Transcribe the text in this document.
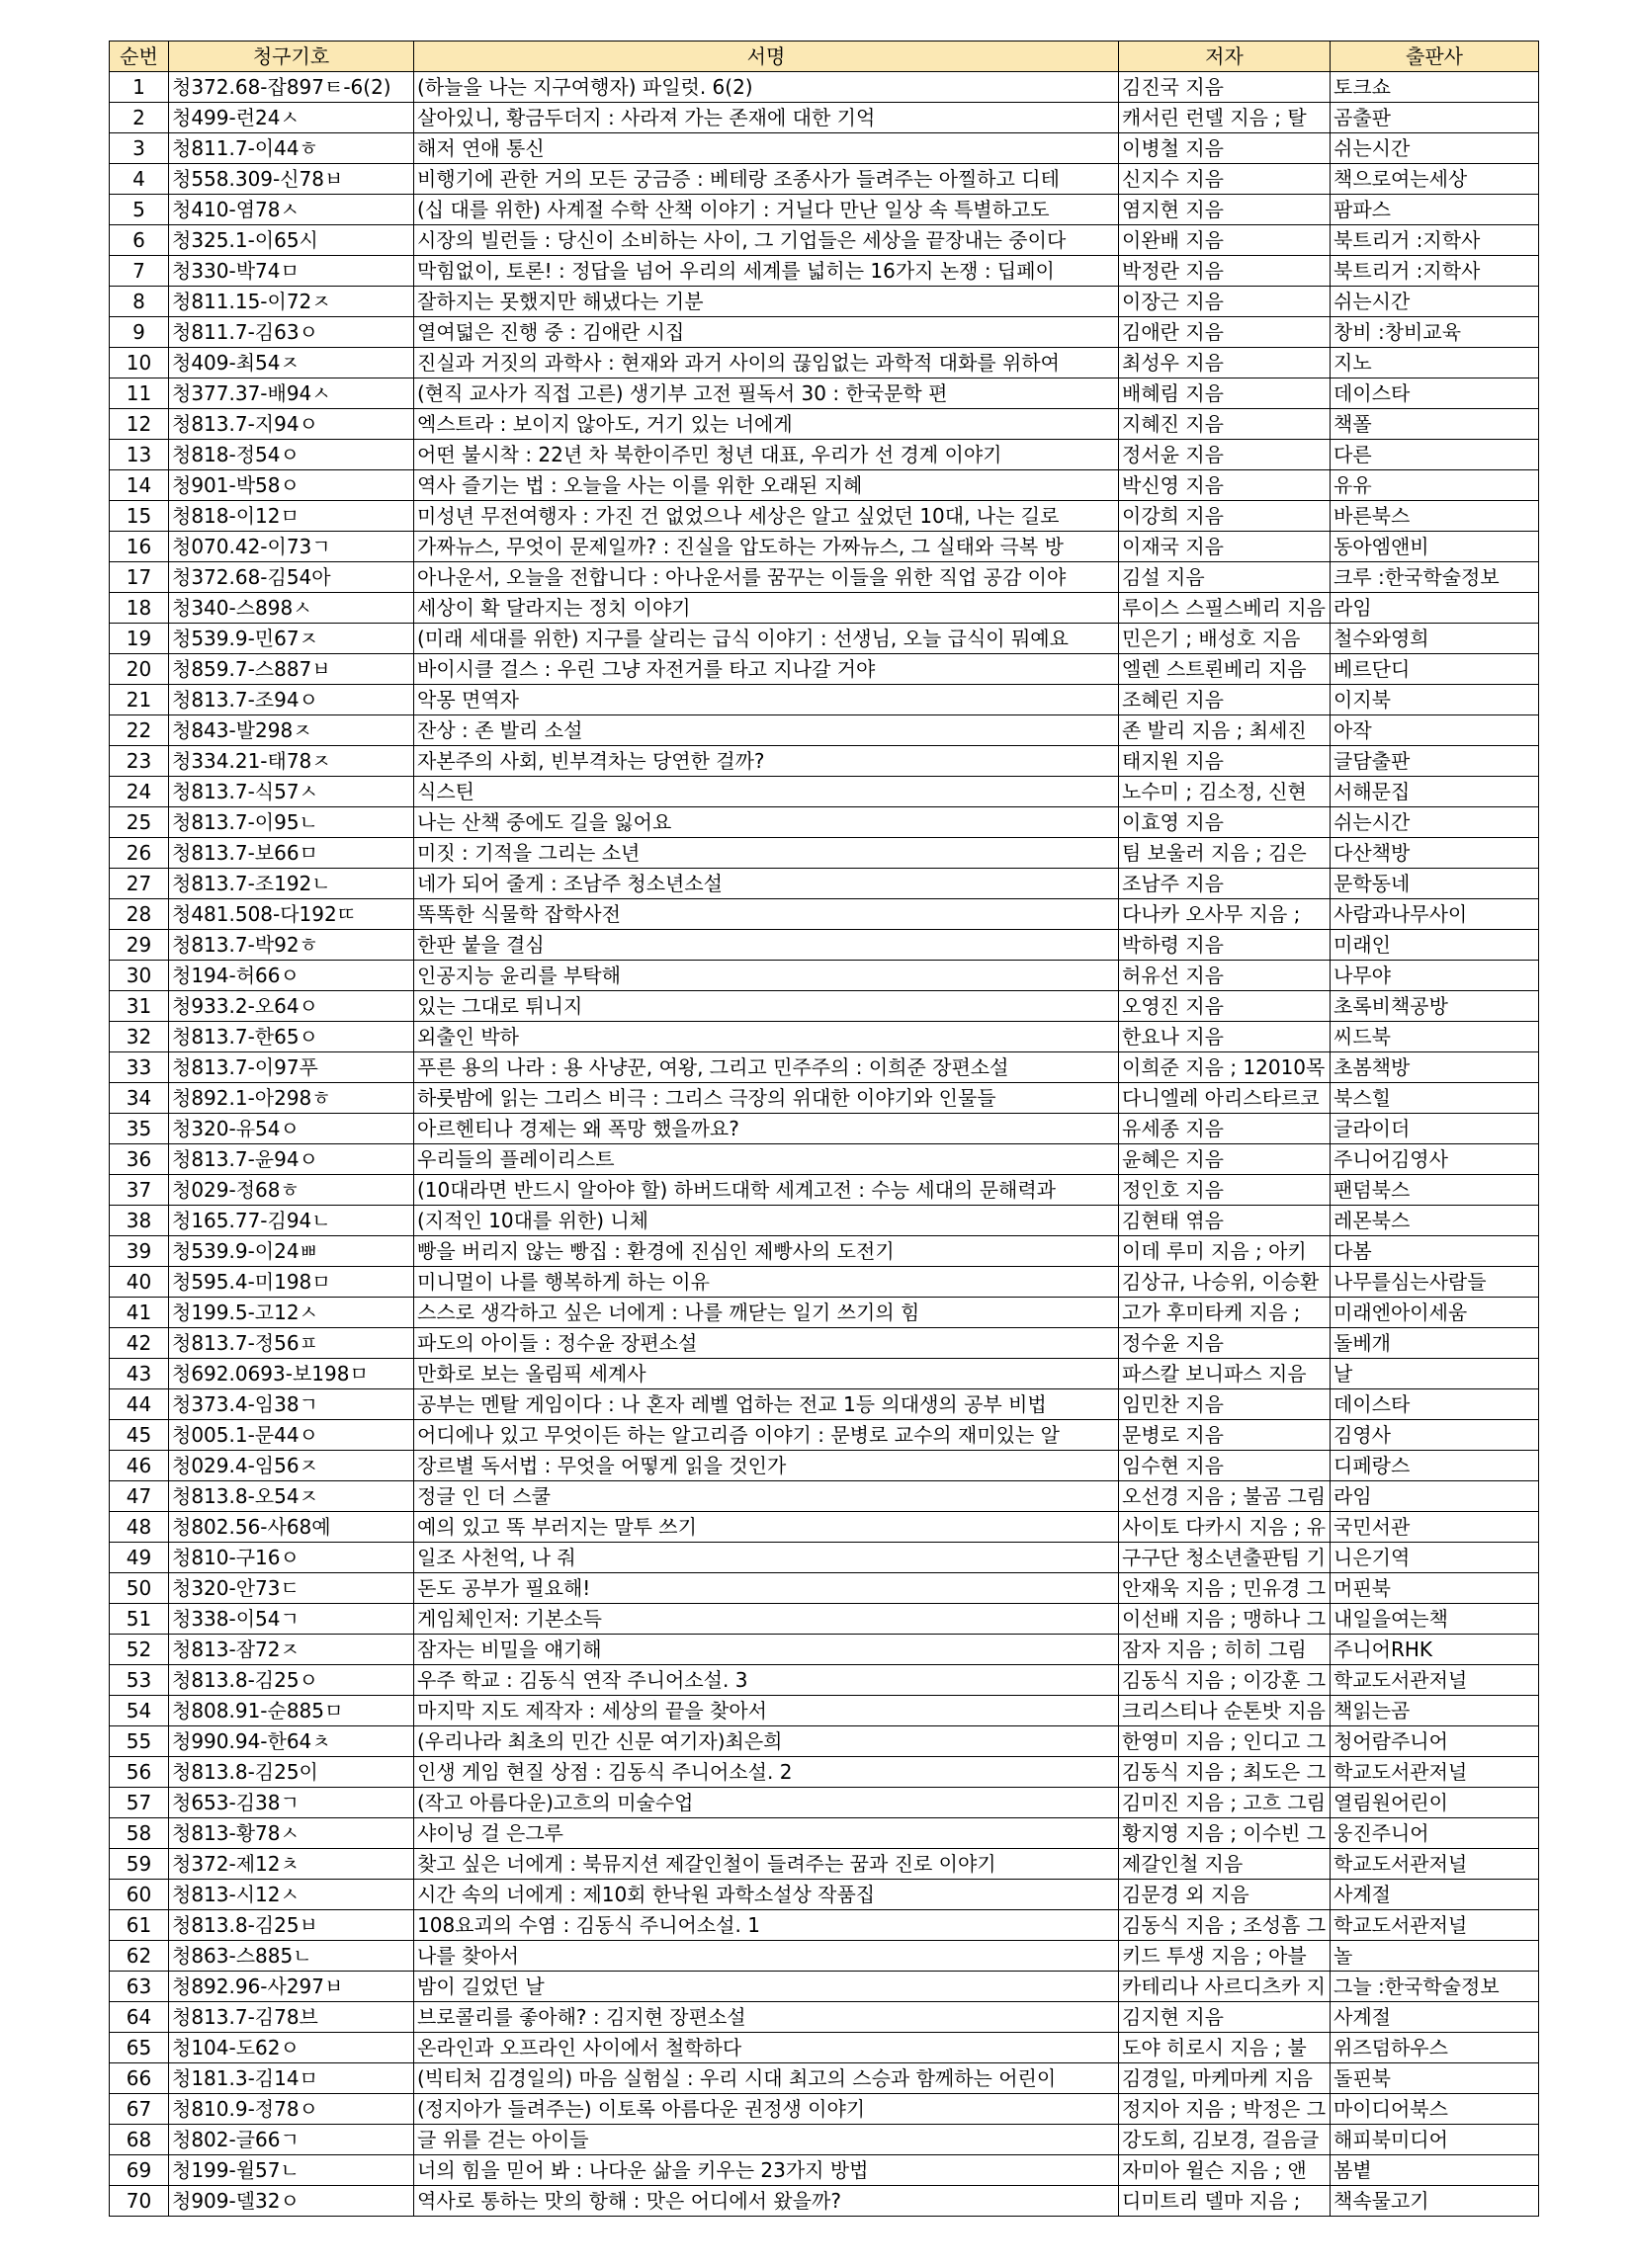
순번	청구기호	서명	저자	출판사
1	청372.68-잡897ㅌ-6(2)	(하늘을 나는 지구여행자) 파일럿. 6(2)	김진국 지음	토크쇼
2	청499-런24ㅅ	살아있니, 황금두더지 : 사라져 가는 존재에 대한 기억	캐서린 런델 지음 ; 탈	곰출판
3	청811.7-이44ㅎ	해저 연애 통신	이병철 지음	쉬는시간
4	청558.309-신78ㅂ	비행기에 관한 거의 모든 궁금증 : 베테랑 조종사가 들려주는 아찔하고 디테	신지수 지음	책으로여는세상
5	청410-염78ㅅ	(십 대를 위한) 사계절 수학 산책 이야기 : 거닐다 만난 일상 속 특별하고도	염지현 지음	팜파스
6	청325.1-이65시	시장의 빌런들 : 당신이 소비하는 사이, 그 기업들은 세상을 끝장내는 중이다	이완배 지음	북트리거 :지학사
7	청330-박74ㅁ	막힘없이, 토론! : 정답을 넘어 우리의 세계를 넓히는 16가지 논쟁 : 딥페이	박정란 지음	북트리거 :지학사
8	청811.15-이72ㅈ	잘하지는 못했지만 해냈다는 기분	이장근 지음	쉬는시간
9	청811.7-김63ㅇ	열여덟은 진행 중 : 김애란 시집	김애란 지음	창비 :창비교육
10	청409-최54ㅈ	진실과 거짓의 과학사 : 현재와 과거 사이의 끊임없는 과학적 대화를 위하여	최성우 지음	지노
11	청377.37-배94ㅅ	(현직 교사가 직접 고른) 생기부 고전 필독서 30 : 한국문학 편	배혜림 지음	데이스타
12	청813.7-지94ㅇ	엑스트라 : 보이지 않아도, 거기 있는 너에게	지혜진 지음	책폴
13	청818-정54ㅇ	어떤 불시착 : 22년 차 북한이주민 청년 대표, 우리가 선 경계 이야기	정서윤 지음	다른
14	청901-박58ㅇ	역사 즐기는 법 : 오늘을 사는 이를 위한 오래된 지혜	박신영 지음	유유
15	청818-이12ㅁ	미성년 무전여행자 : 가진 건 없었으나 세상은 알고 싶었던 10대, 나는 길로	이강희 지음	바른북스
16	청070.42-이73ㄱ	가짜뉴스, 무엇이 문제일까? : 진실을 압도하는 가짜뉴스, 그 실태와 극복 방	이재국 지음	동아엠앤비
17	청372.68-김54아	아나운서, 오늘을 전합니다 : 아나운서를 꿈꾸는 이들을 위한 직업 공감 이야	김설 지음	크루 :한국학술정보
18	청340-스898ㅅ	세상이 확 달라지는 정치 이야기	루이스 스필스베리 지음	라임
19	청539.9-민67ㅈ	(미래 세대를 위한) 지구를 살리는 급식 이야기 : 선생님, 오늘 급식이 뭐예요	민은기 ; 배성호 지음	철수와영희
20	청859.7-스887ㅂ	바이시클 걸스 : 우린 그냥 자전거를 타고 지나갈 거야	엘렌 스트뢴베리 지음	베르단디
21	청813.7-조94ㅇ	악몽 면역자	조혜린 지음	이지북
22	청843-발298ㅈ	잔상 : 존 발리 소설	존 발리 지음 ; 최세진	아작
23	청334.21-태78ㅈ	자본주의 사회, 빈부격차는 당연한 걸까?	태지원 지음	글담출판
24	청813.7-식57ㅅ	식스틴	노수미 ; 김소정, 신현	서해문집
25	청813.7-이95ㄴ	나는 산책 중에도 길을 잃어요	이효영 지음	쉬는시간
26	청813.7-보66ㅁ	미짓 : 기적을 그리는 소년	팀 보울러 지음 ; 김은	다산책방
27	청813.7-조192ㄴ	네가 되어 줄게 : 조남주 청소년소설	조남주 지음	문학동네
28	청481.508-다192ㄸ	똑똑한 식물학 잡학사전	다나카 오사무 지음 ;	사람과나무사이
29	청813.7-박92ㅎ	한판 붙을 결심	박하령 지음	미래인
30	청194-허66ㅇ	인공지능 윤리를 부탁해	허유선 지음	나무야
31	청933.2-오64ㅇ	있는 그대로 튀니지	오영진 지음	초록비책공방
32	청813.7-한65ㅇ	외출인 박하	한요나 지음	씨드북
33	청813.7-이97푸	푸른 용의 나라 : 용 사냥꾼, 여왕, 그리고 민주주의 : 이희준 장편소설	이희준 지음 ; 12010목	초봄책방
34	청892.1-아298ㅎ	하룻밤에 읽는 그리스 비극 : 그리스 극장의 위대한 이야기와 인물들	다니엘레 아리스타르코	북스힐
35	청320-유54ㅇ	아르헨티나 경제는 왜 폭망 했을까요?	유세종 지음	글라이더
36	청813.7-윤94ㅇ	우리들의 플레이리스트	윤혜은 지음	주니어김영사
37	청029-정68ㅎ	(10대라면 반드시 알아야 할) 하버드대학 세계고전 : 수능 세대의 문해력과	정인호 지음	팬덤북스
38	청165.77-김94ㄴ	(지적인 10대를 위한) 니체	김현태 엮음	레몬북스
39	청539.9-이24ㅃ	빵을 버리지 않는 빵집 : 환경에 진심인 제빵사의 도전기	이데 루미 지음 ; 아키	다봄
40	청595.4-미198ㅁ	미니멀이 나를 행복하게 하는 이유	김상규, 나승위, 이승환	나무를심는사람들
41	청199.5-고12ㅅ	스스로 생각하고 싶은 너에게 : 나를 깨닫는 일기 쓰기의 힘	고가 후미타케 지음 ;	미래엔아이세움
42	청813.7-정56ㅍ	파도의 아이들 : 정수윤 장편소설	정수윤 지음	돌베개
43	청692.0693-보198ㅁ	만화로 보는 올림픽 세계사	파스칼 보니파스 지음	날
44	청373.4-임38ㄱ	공부는 멘탈 게임이다 : 나 혼자 레벨 업하는 전교 1등 의대생의 공부 비법	임민찬 지음	데이스타
45	청005.1-문44ㅇ	어디에나 있고 무엇이든 하는 알고리즘 이야기 : 문병로 교수의 재미있는 알	문병로 지음	김영사
46	청029.4-임56ㅈ	장르별 독서법 : 무엇을 어떻게 읽을 것인가	임수현 지음	디페랑스
47	청813.8-오54ㅈ	정글 인 더 스쿨	오선경 지음 ; 불곰 그림	라임
48	청802.56-사68예	예의 있고 똑 부러지는 말투 쓰기	사이토 다카시 지음 ; 유	국민서관
49	청810-구16ㅇ	일조 사천억, 나 줘	구구단 청소년출판팀 기	니은기역
50	청320-안73ㄷ	돈도 공부가 필요해!	안재욱 지음 ; 민유경 그	머핀북
51	청338-이54ㄱ	게임체인저: 기본소득	이선배 지음 ; 맹하나 그	내일을여는책
52	청813-잠72ㅈ	잠자는 비밀을 얘기해	잠자 지음 ; 히히 그림	주니어RHK
53	청813.8-김25ㅇ	우주 학교 : 김동식 연작 주니어소설. 3	김동식 지음 ; 이강훈 그	학교도서관저널
54	청808.91-순885ㅁ	마지막 지도 제작자 : 세상의 끝을 찾아서	크리스티나 순톤밧 지음	책읽는곰
55	청990.94-한64ㅊ	(우리나라 최초의 민간 신문 여기자)최은희	한영미 지음 ; 인디고 그	청어람주니어
56	청813.8-김25이	인생 게임 현질 상점 : 김동식 주니어소설. 2	김동식 지음 ; 최도은 그	학교도서관저널
57	청653-김38ㄱ	(작고 아름다운)고흐의 미술수업	김미진 지음 ; 고흐 그림	열림원어린이
58	청813-황78ㅅ	샤이닝 걸 은그루	황지영 지음 ; 이수빈 그	웅진주니어
59	청372-제12ㅊ	찾고 싶은 너에게 : 북뮤지션 제갈인철이 들려주는 꿈과 진로 이야기	제갈인철 지음	학교도서관저널
60	청813-시12ㅅ	시간 속의 너에게 : 제10회 한낙원 과학소설상 작품집	김문경 외 지음	사계절
61	청813.8-김25ㅂ	108요괴의 수염 : 김동식 주니어소설. 1	김동식 지음 ; 조성흠 그	학교도서관저널
62	청863-스885ㄴ	나를 찾아서	키드 투생 지음 ; 아블	놀
63	청892.96-사297ㅂ	밤이 길었던 날	카테리나 사르디츠카 지	그늘 :한국학술정보
64	청813.7-김78브	브로콜리를 좋아해? : 김지현 장편소설	김지현 지음	사계절
65	청104-도62ㅇ	온라인과 오프라인 사이에서 철학하다	도야 히로시 지음 ; 불	위즈덤하우스
66	청181.3-김14ㅁ	(빅티처 김경일의) 마음 실험실 : 우리 시대 최고의 스승과 함께하는 어린이	김경일, 마케마케 지음	돌핀북
67	청810.9-정78ㅇ	(정지아가 들려주는) 이토록 아름다운 권정생 이야기	정지아 지음 ; 박정은 그	마이디어북스
68	청802-글66ㄱ	글 위를 걷는 아이들	강도희, 김보경, 걸음글	해피북미디어
69	청199-윌57ㄴ	너의 힘을 믿어 봐 : 나다운 삶을 키우는 23가지 방법	자미아 윌슨 지음 ; 앤	봄볕
70	청909-델32ㅇ	역사로 통하는 맛의 항해 : 맛은 어디에서 왔을까?	디미트리 델마 지음 ;	책속물고기
